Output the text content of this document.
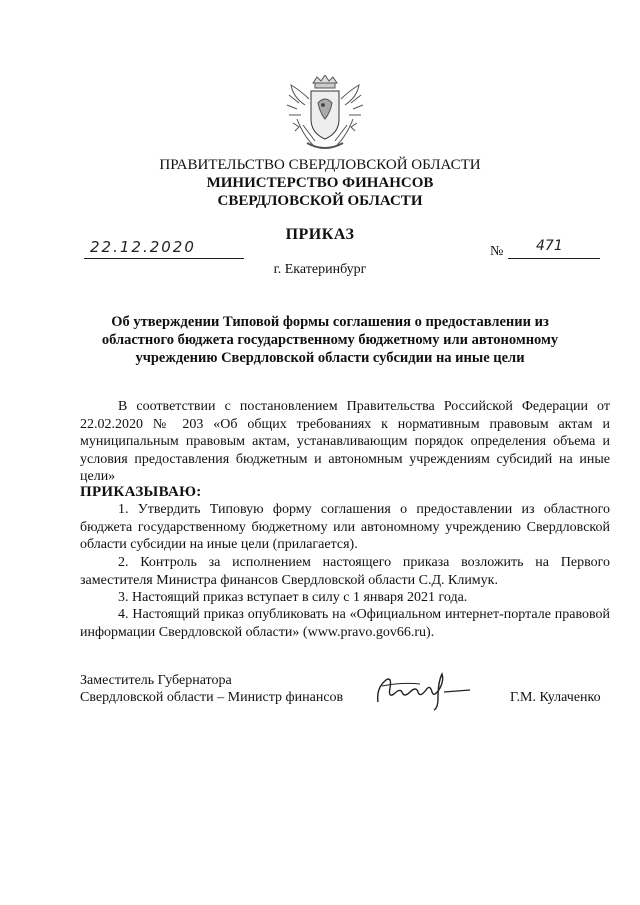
ПРАВИТЕЛЬСТВО СВЕРДЛОВСКОЙ ОБЛАСТИ
МИНИСТЕРСТВО ФИНАНСОВ
СВЕРДЛОВСКОЙ ОБЛАСТИ
ПРИКАЗ
22.12.2020	№ 471
г. Екатеринбург
Об утверждении Типовой формы соглашения о предоставлении из областного бюджета государственному бюджетному или автономному учреждению Свердловской области субсидии на иные цели
В соответствии с постановлением Правительства Российской Федерации от 22.02.2020 № 203 «Об общих требованиях к нормативным правовым актам и муниципальным правовым актам, устанавливающим порядок определения объема и условия предоставления бюджетным и автономным учреждениям субсидий на иные цели»
ПРИКАЗЫВАЮ:
1. Утвердить Типовую форму соглашения о предоставлении из областного бюджета государственному бюджетному или автономному учреждению Свердловской области субсидии на иные цели (прилагается).
2. Контроль за исполнением настоящего приказа возложить на Первого заместителя Министра финансов Свердловской области С.Д. Климук.
3. Настоящий приказ вступает в силу с 1 января 2021 года.
4. Настоящий приказ опубликовать на «Официальном интернет-портале правовой информации Свердловской области» (www.pravo.gov66.ru).
Заместитель Губернатора
Свердловской области – Министр финансов	Г.М. Кулаченко
